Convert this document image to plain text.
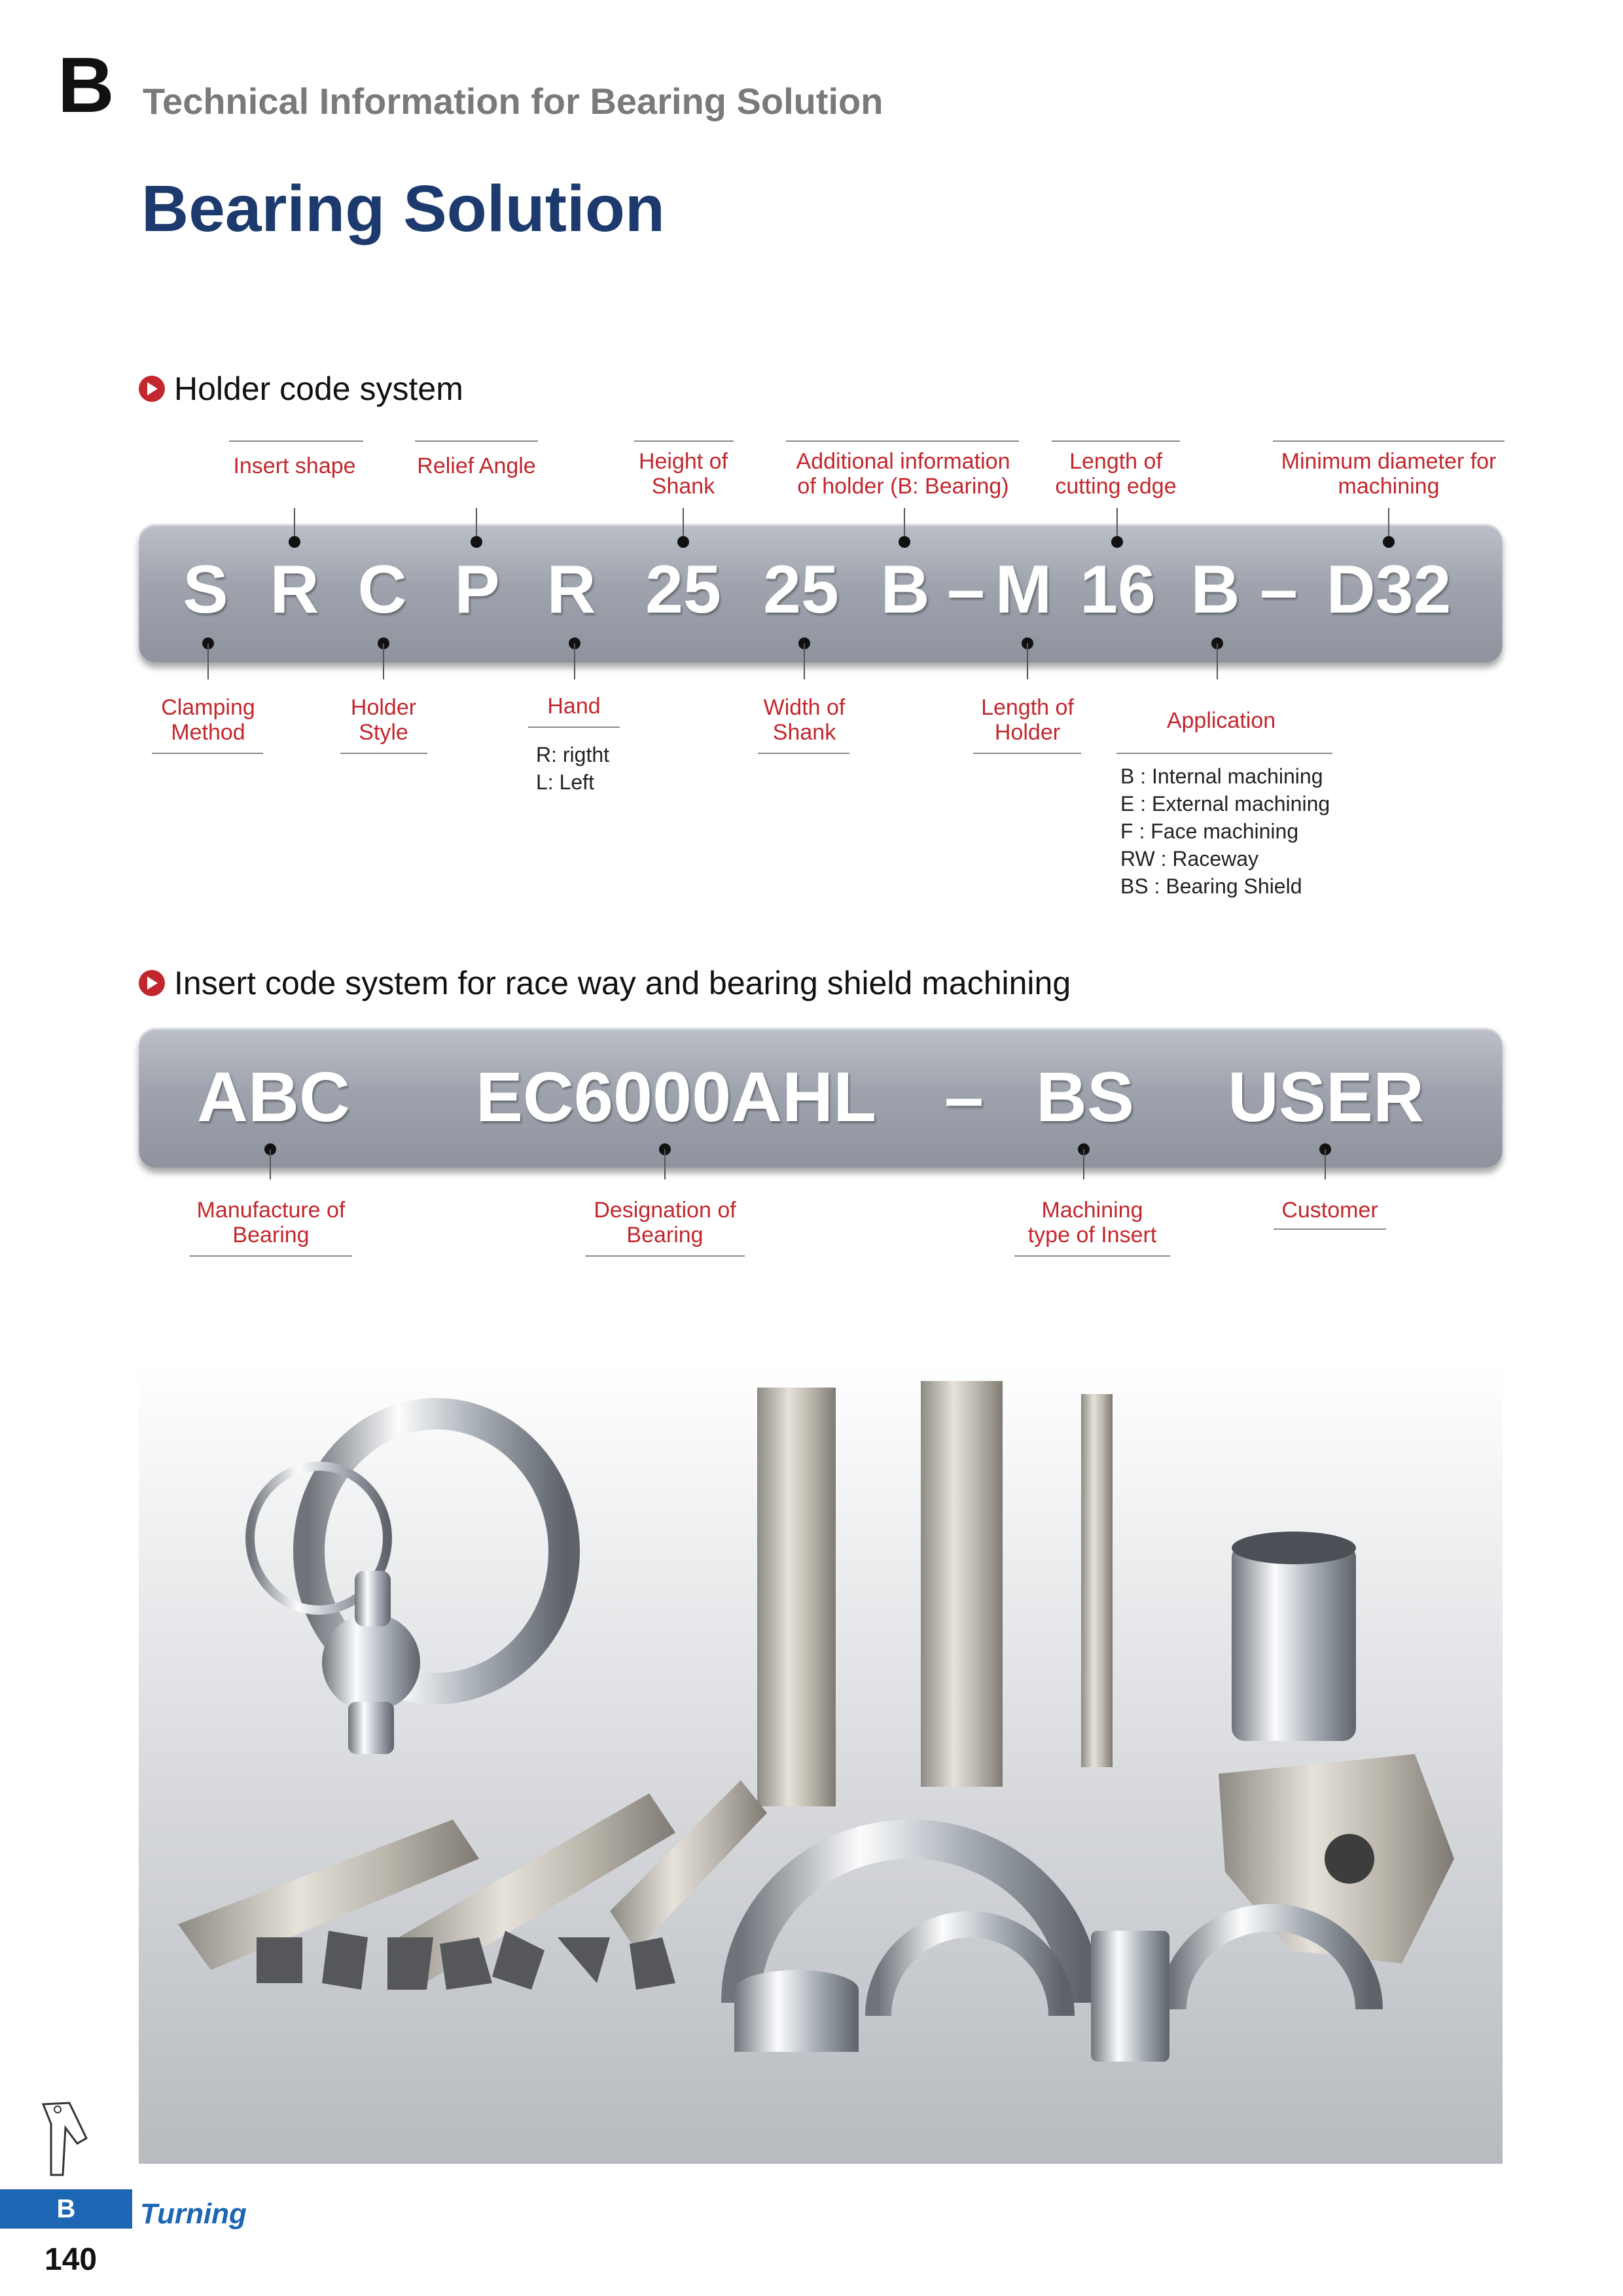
B Technical Information for Bearing Solution
Bearing Solution
Holder code system
S R C P R 25 25 B – M 16 B – D32
Insert shape	Relief Angle	Height of
Shank
Additional information
of holder (B: Bearing)
Length of
cutting edge
Minimum diameter for
machining
Clamping
Method
Holder
Style
Hand
R: rigtht
L: Left
Width of
Shank
Length of
Holder	Application
B : Internal machining
E : External machining
F : Face machining
RW : Raceway
BS : Bearing Shield
Insert code system for race way and bearing shield machining
ABC EC6000AHL – BS USER
Manufacture of
Bearing
Designation of
Bearing
Machining
type of Insert
Customer
B	Turning
140
